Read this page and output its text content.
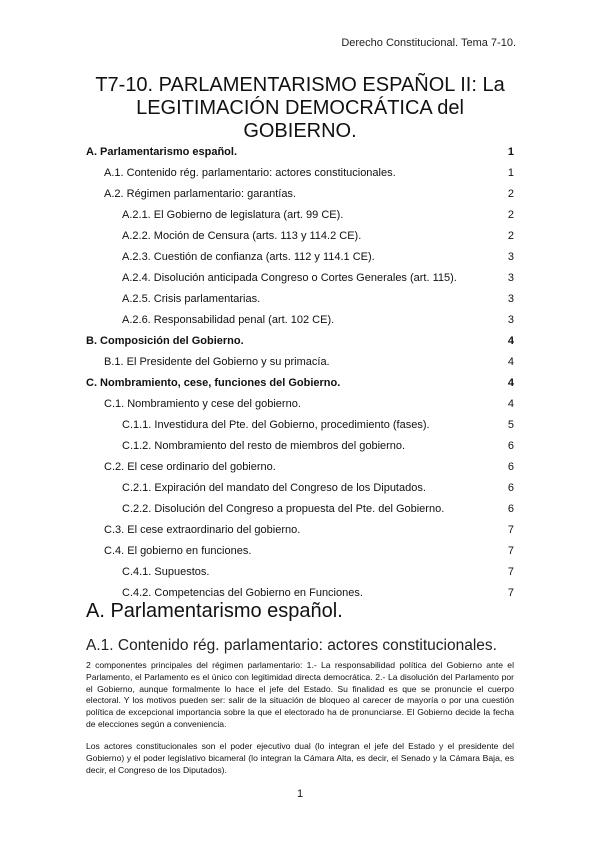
Derecho Constitucional. Tema 7-10.
T7-10. PARLAMENTARISMO ESPAÑOL II: La
LEGITIMACIÓN DEMOCRÁTICA del
GOBIERNO.
A. Parlamentarismo español.	1
A.1. Contenido rég. parlamentario: actores constitucionales.	1
A.2. Régimen parlamentario: garantías.	2
A.2.1. El Gobierno de legislatura (art. 99 CE).	2
A.2.2. Moción de Censura (arts. 113 y 114.2 CE).	2
A.2.3. Cuestión de confianza (arts. 112 y 114.1 CE).	3
A.2.4. Disolución anticipada Congreso o Cortes Generales (art. 115).	3
A.2.5. Crisis parlamentarias.	3
A.2.6. Responsabilidad penal (art. 102 CE).	3
B. Composición del Gobierno.	4
B.1. El Presidente del Gobierno y su primacía.	4
C. Nombramiento, cese, funciones del Gobierno.	4
C.1. Nombramiento y cese del gobierno.	4
C.1.1. Investidura del Pte. del Gobierno, procedimiento (fases).	5
C.1.2. Nombramiento del resto de miembros del gobierno.	6
C.2. El cese ordinario del gobierno.	6
C.2.1. Expiración del mandato del Congreso de los Diputados.	6
C.2.2. Disolución del Congreso a propuesta del Pte. del Gobierno.	6
C.3. El cese extraordinario del gobierno.	7
C.4. El gobierno en funciones.	7
C.4.1. Supuestos.	7
C.4.2. Competencias del Gobierno en Funciones.	7
A. Parlamentarismo español.
A.1. Contenido rég. parlamentario: actores constitucionales.

2 componentes principales del régimen parlamentario: 1.- La responsabilidad política del Gobierno ante el Parlamento, el Parlamento es el único con legitimidad directa democrática. 2.- La disolución del Parlamento por el Gobierno, aunque formalmente lo hace el jefe del Estado. Su finalidad es que se pronuncie el cuerpo electoral. Y los motivos pueden ser: salir de la situación de bloqueo al carecer de mayoría o por una cuestión política de excepcional importancia sobre la que el electorado ha de pronunciarse. El Gobierno decide la fecha de elecciones según a conveniencia.

Los actores constitucionales son el poder ejecutivo dual (lo integran el jefe del Estado y el presidente del Gobierno) y el poder legislativo bicameral (lo integran la Cámara Alta, es decir, el Senado y la Cámara Baja, es decir, el Congreso de los Diputados).

1
